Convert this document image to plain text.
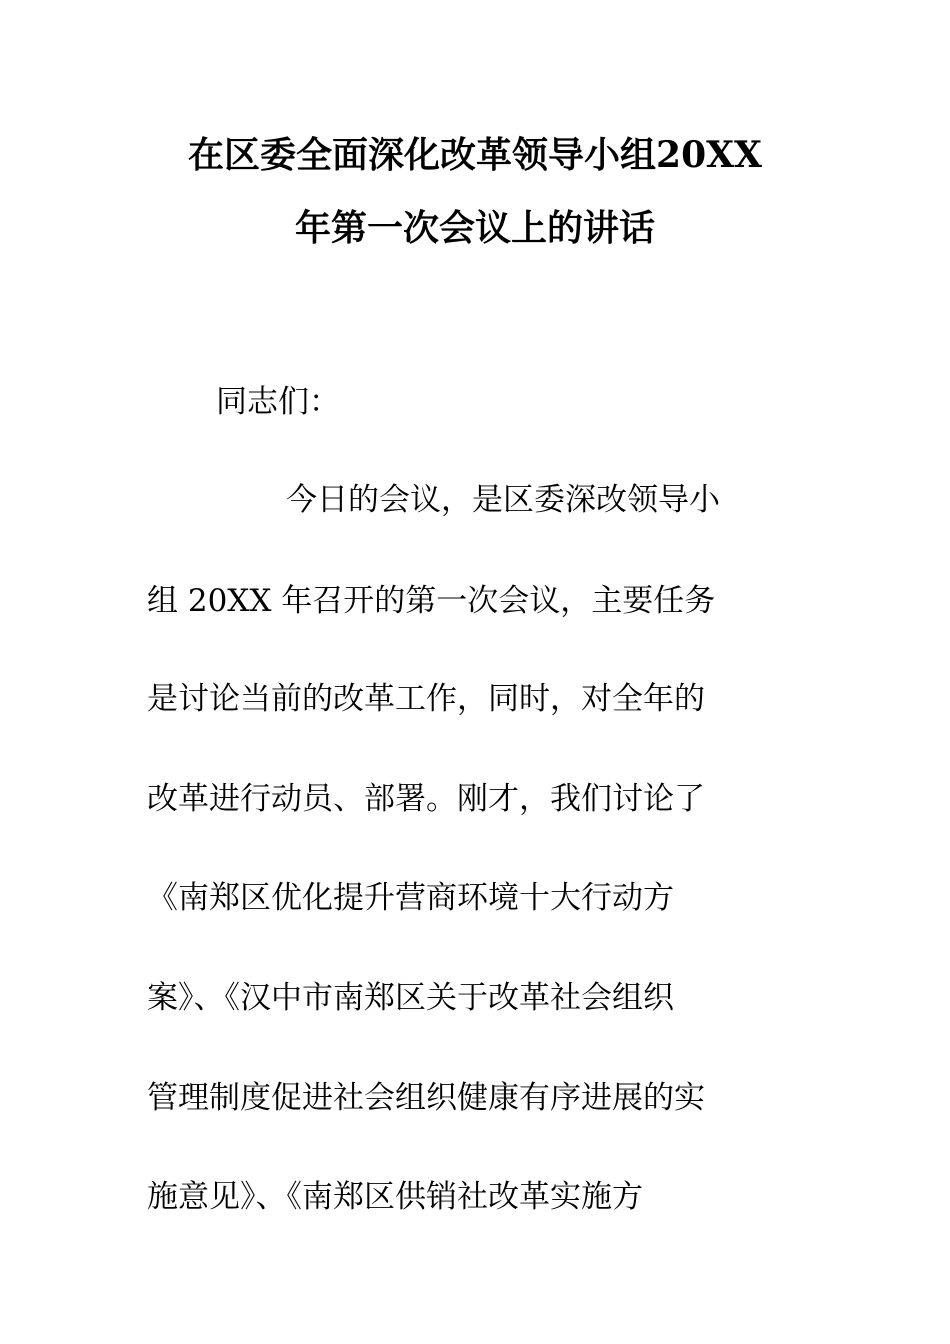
在区委全面深化改革领导小组20XX
年第一次会议上的讲话
同志们：
今日的会议，是区委深改领导小
组 20XX 年召开的第一次会议，主要任务
是讨论当前的改革工作，同时，对全年的
改革进行动员、部署。刚才，我们讨论了
《南郑区优化提升营商环境十大行动方
案》、《汉中市南郑区关于改革社会组织
管理制度促进社会组织健康有序进展的实
施意见》、《南郑区供销社改革实施方
